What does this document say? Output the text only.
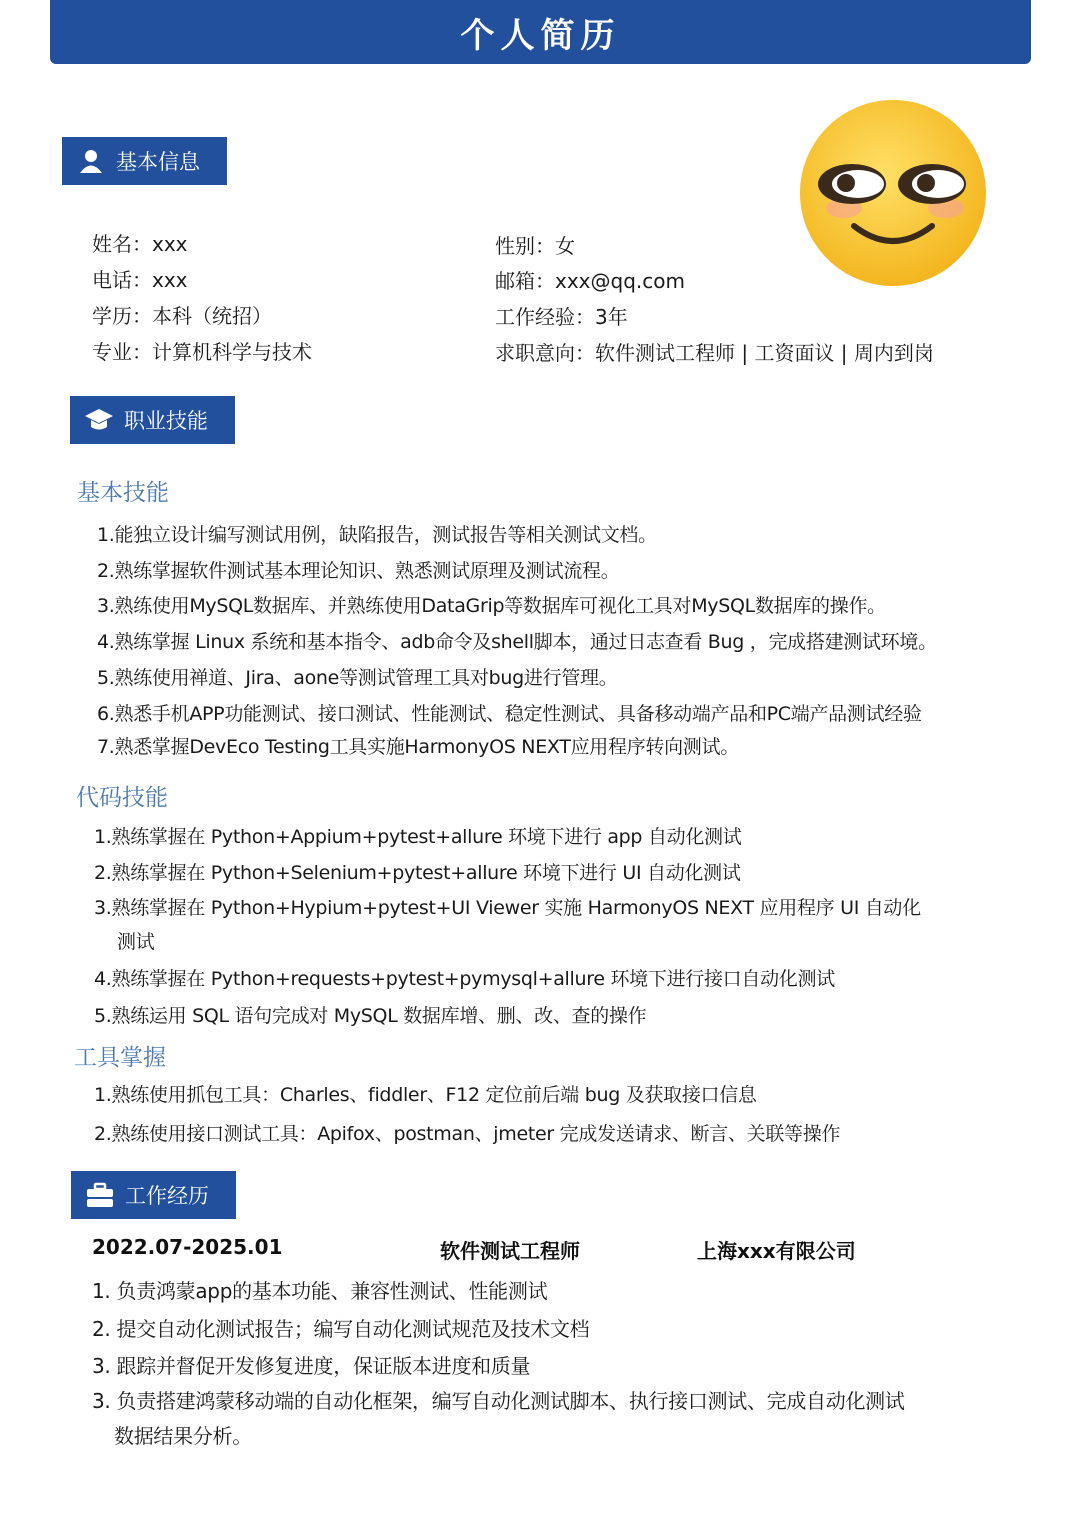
个人简历
基本信息
姓名：xxx
电话：xxx
学历：本科（统招）
专业：计算机科学与技术
性别：女
邮箱：xxx@qq.com
工作经验：3年
求职意向：软件测试工程师 | 工资面议 | 周内到岗
职业技能
基本技能
1.能独立设计编写测试用例，缺陷报告，测试报告等相关测试文档。
2.熟练掌握软件测试基本理论知识、熟悉测试原理及测试流程。
3.熟练使用MySQL数据库、并熟练使用DataGrip等数据库可视化工具对MySQL数据库的操作。
4.熟练掌握 Linux 系统和基本指令、adb命令及shell脚本，通过日志查看 Bug ，完成搭建测试环境。
5.熟练使用禅道、Jira、aone等测试管理工具对bug进行管理。
6.熟悉手机APP功能测试、接口测试、性能测试、稳定性测试、具备移动端产品和PC端产品测试经验
7.熟悉掌握DevEco Testing工具实施HarmonyOS NEXT应用程序转向测试。
代码技能
1.熟练掌握在 Python+Appium+pytest+allure 环境下进行 app 自动化测试
2.熟练掌握在 Python+Selenium+pytest+allure 环境下进行 UI 自动化测试
3.熟练掌握在 Python+Hypium+pytest+UI Viewer 实施 HarmonyOS NEXT 应用程序 UI 自动化
测试
4.熟练掌握在 Python+requests+pytest+pymysql+allure 环境下进行接口自动化测试
5.熟练运用 SQL 语句完成对 MySQL 数据库增、删、改、查的操作
工具掌握
1.熟练使用抓包工具：Charles、fiddler、F12 定位前后端 bug 及获取接口信息
2.熟练使用接口测试工具：Apifox、postman、jmeter 完成发送请求、断言、关联等操作
工作经历
2022.07-2025.01	软件测试工程师	上海xxx有限公司
1. 负责鸿蒙app的基本功能、兼容性测试、性能测试
2. 提交自动化测试报告；编写自动化测试规范及技术文档
3. 跟踪并督促开发修复进度，保证版本进度和质量
3. 负责搭建鸿蒙移动端的自动化框架，编写自动化测试脚本、执行接口测试、完成自动化测试
数据结果分析。
